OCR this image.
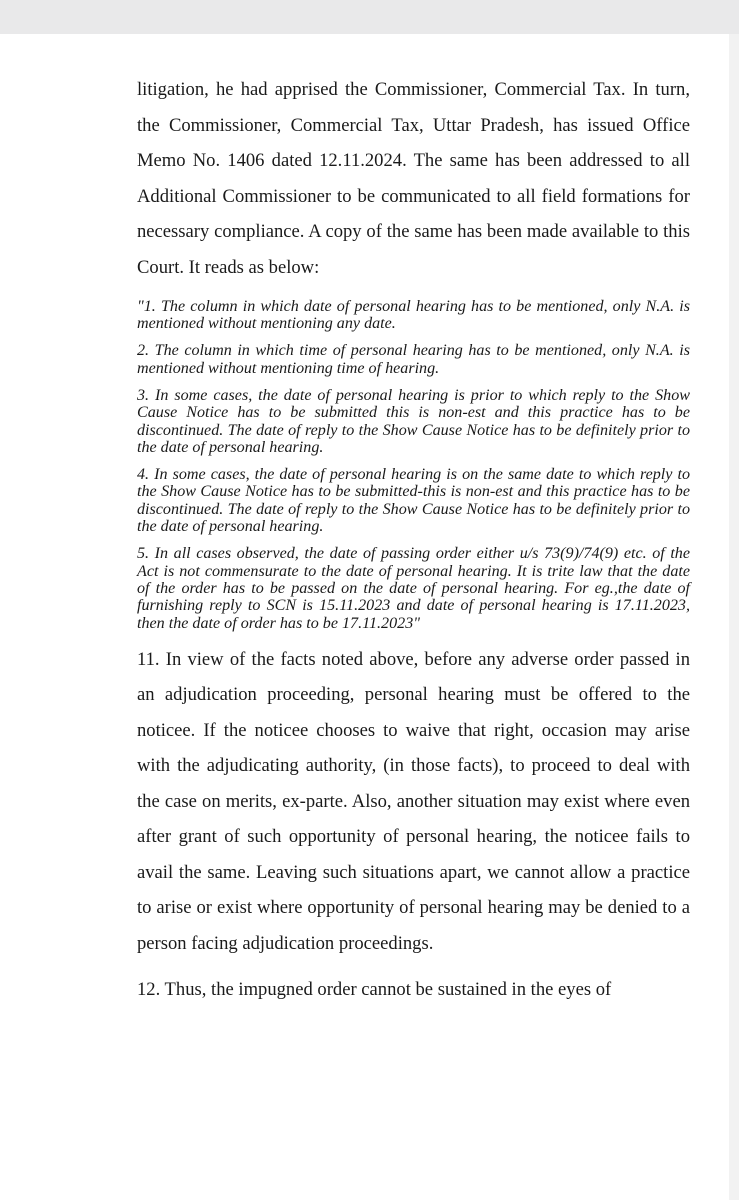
litigation, he had apprised the Commissioner, Commercial Tax. In turn, the Commissioner, Commercial Tax, Uttar Pradesh, has issued Office Memo No. 1406 dated 12.11.2024. The same has been addressed to all Additional Commissioner to be communicated to all field formations for necessary compliance. A copy of the same has been made available to this Court. It reads as below:

"1. The column in which date of personal hearing has to be mentioned, only N.A. is mentioned without mentioning any date.

2. The column in which time of personal hearing has to be mentioned, only N.A. is mentioned without mentioning time of hearing.

3. In some cases, the date of personal hearing is prior to which reply to the Show Cause Notice has to be submitted this is non-est and this practice has to be discontinued. The date of reply to the Show Cause Notice has to be definitely prior to the date of personal hearing.

4. In some cases, the date of personal hearing is on the same date to which reply to the Show Cause Notice has to be submitted-this is non-est and this practice has to be discontinued. The date of reply to the Show Cause Notice has to be definitely prior to the date of personal hearing.

5. In all cases observed, the date of passing order either u/s 73(9)/74(9) etc. of the Act is not commensurate to the date of personal hearing. It is trite law that the date of the order has to be passed on the date of personal hearing. For eg.,the date of furnishing reply to SCN is 15.11.2023 and date of personal hearing is 17.11.2023, then the date of order has to be 17.11.2023"

11. In view of the facts noted above, before any adverse order passed in an adjudication proceeding, personal hearing must be offered to the noticee. If the noticee chooses to waive that right, occasion may arise with the adjudicating authority, (in those facts), to proceed to deal with the case on merits, ex-parte. Also, another situation may exist where even after grant of such opportunity of personal hearing, the noticee fails to avail the same. Leaving such situations apart, we cannot allow a practice to arise or exist where opportunity of personal hearing may be denied to a person facing adjudication proceedings.

12. Thus, the impugned order cannot be sustained in the eyes of
